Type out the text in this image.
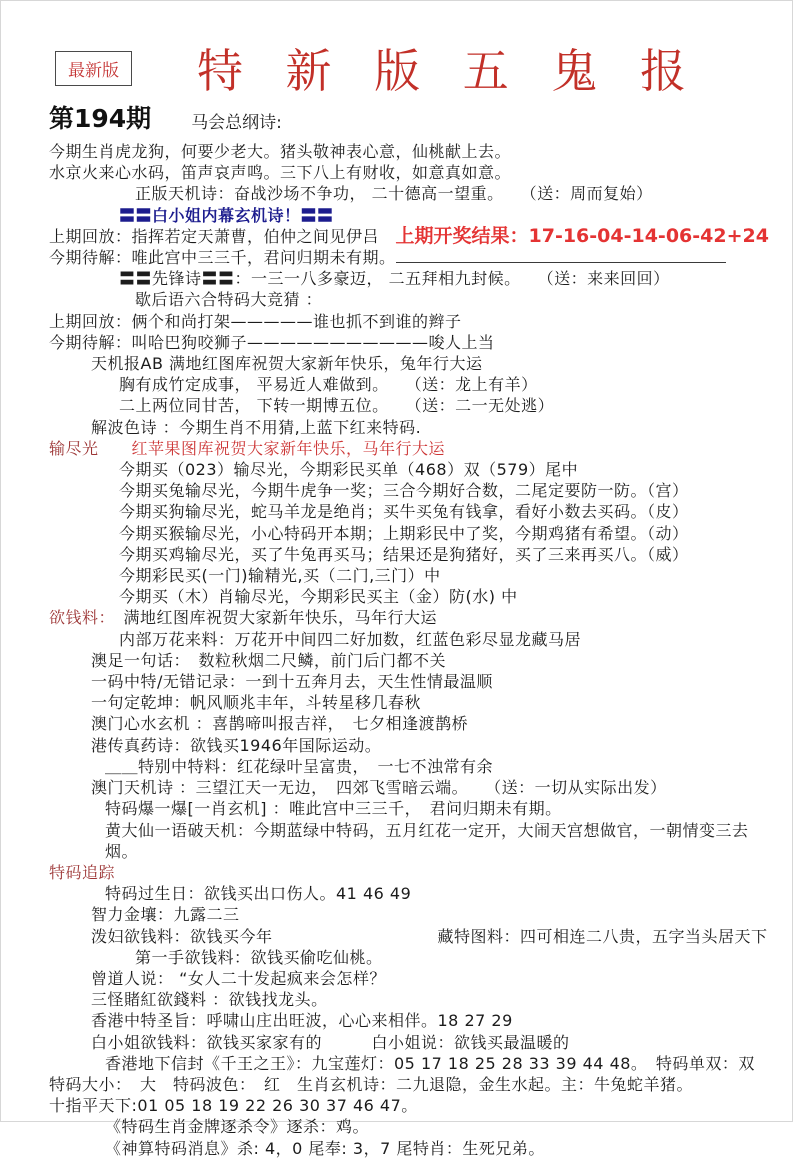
最新版	特 新 版 五 鬼 报
第194期 马会总纲诗:
今期生肖虎龙狗，何要少老大。猪头敬神表心意，仙桃献上去。
水京火来心水码，笛声哀声鸣。三下八上有财收，如意真如意。
正版天机诗：奋战沙场不争功， 二十德高一望重。　　（送：周而复始）
〓〓白小姐内幕玄机诗！〓〓
上期回放：指挥若定天萧曹，伯仲之间见伊吕　上期开奖结果：17-16-04-14-06-42+24
今期待解：唯此宫中三三千，君问归期未有期。
〓〓先锋诗〓〓：一三一八多豪迈， 二五拜相九封候。　　（送：来来回回）
歇后语六合特码大竞猜 ：
上期回放：俩个和尚打架—————谁也抓不到谁的辫子
今期待解：叫哈巴狗咬狮子———————————唆人上当
天机报AB 满地红图库祝贺大家新年快乐，兔年行大运
胸有成竹定成事， 平易近人难做到。　　（送：龙上有羊）
二上两位同甘苦， 下转一期博五位。　　（送：二一无处逃）
解波色诗 ：今期生肖不用猜,上蓝下红来特码.
输尽光　　红苹果图库祝贺大家新年快乐，马年行大运
今期买（023）输尽光，今期彩民买单（468）双（579）尾中
今期买兔输尽光，今期牛虎争一奖；三合今期好合数，二尾定要防一防。（宫）
今期买狗输尽光，蛇马羊龙是绝肖；买牛买兔有钱拿，看好小数去买码。（皮）
今期买猴输尽光，小心特码开本期；上期彩民中了奖，今期鸡猪有希望。（动）
今期买鸡输尽光，买了牛兔再买马；结果还是狗猪好，买了三来再买八。（威）
今期彩民买(一门)输精光,买（二门,三门）中
今期买（木）肖输尽光，今期彩民买主（金）防(水) 中
欲钱料：　满地红图库祝贺大家新年快乐，马年行大运
内部万花来料：万花开中间四二好加数，红蓝色彩尽显龙藏马居
澳足一句话：　数粒秋烟二尺鳞，前门后门都不关
一码中特/无错记录：一到十五奔月去，天生性情最温顺
一句定乾坤：帆风顺兆丰年，斗转星移几春秋
澳门心水玄机 ：喜鹊啼叫报吉祥，　七夕相逢渡鹊桥
港传真药诗：欲钱买1946年国际运动。
＿＿特别中特料：红花绿叶呈富贵，　一七不浊常有余
澳门天机诗 ：三望江天一无边，　四郊飞雪暗云端。　　（送：一切从实际出发）
特码爆一爆[一肖玄机] ：唯此宫中三三千，　君问归期未有期。
黄大仙一语破天机：今期蓝绿中特码，五月红花一定开，大闹天宫想做官，一朝情变三去烟。
特码追踪
特码过生日：欲钱买出口伤人。41 46 49
智力金壤：九露二三
泼妇欲钱料：欲钱买今年　　　　　　　　　　藏特图料：四可相连二八贵，五字当头居天下
第一手欲钱料：欲钱买偷吃仙桃。
曾道人说： “女人二十发起疯来会怎样？
三怪賭紅欲錢料 ：欲钱找龙头。
香港中特圣旨：呼啸山庄出旺波，心心来相伴。18 27 29
白小姐欲钱料：欲钱买家家有的　　　白小姐说：欲钱买最温暖的
香港地下信封《千王之王》：九宝莲灯：05 17 18 25 28 33 39 44 48。　特码单双：双
特码大小：　大　特码波色：　红　生肖玄机诗：二九退隐，金生水起。主：牛兔蛇羊猪。
十指平天下:01 05 18 19 22 26 30 37 46 47。
《特码生肖金牌逐杀令》逐杀：鸡。
《神算特码消息》杀: 4，0 尾奉: 3，7 尾特肖：生死兄弟。
